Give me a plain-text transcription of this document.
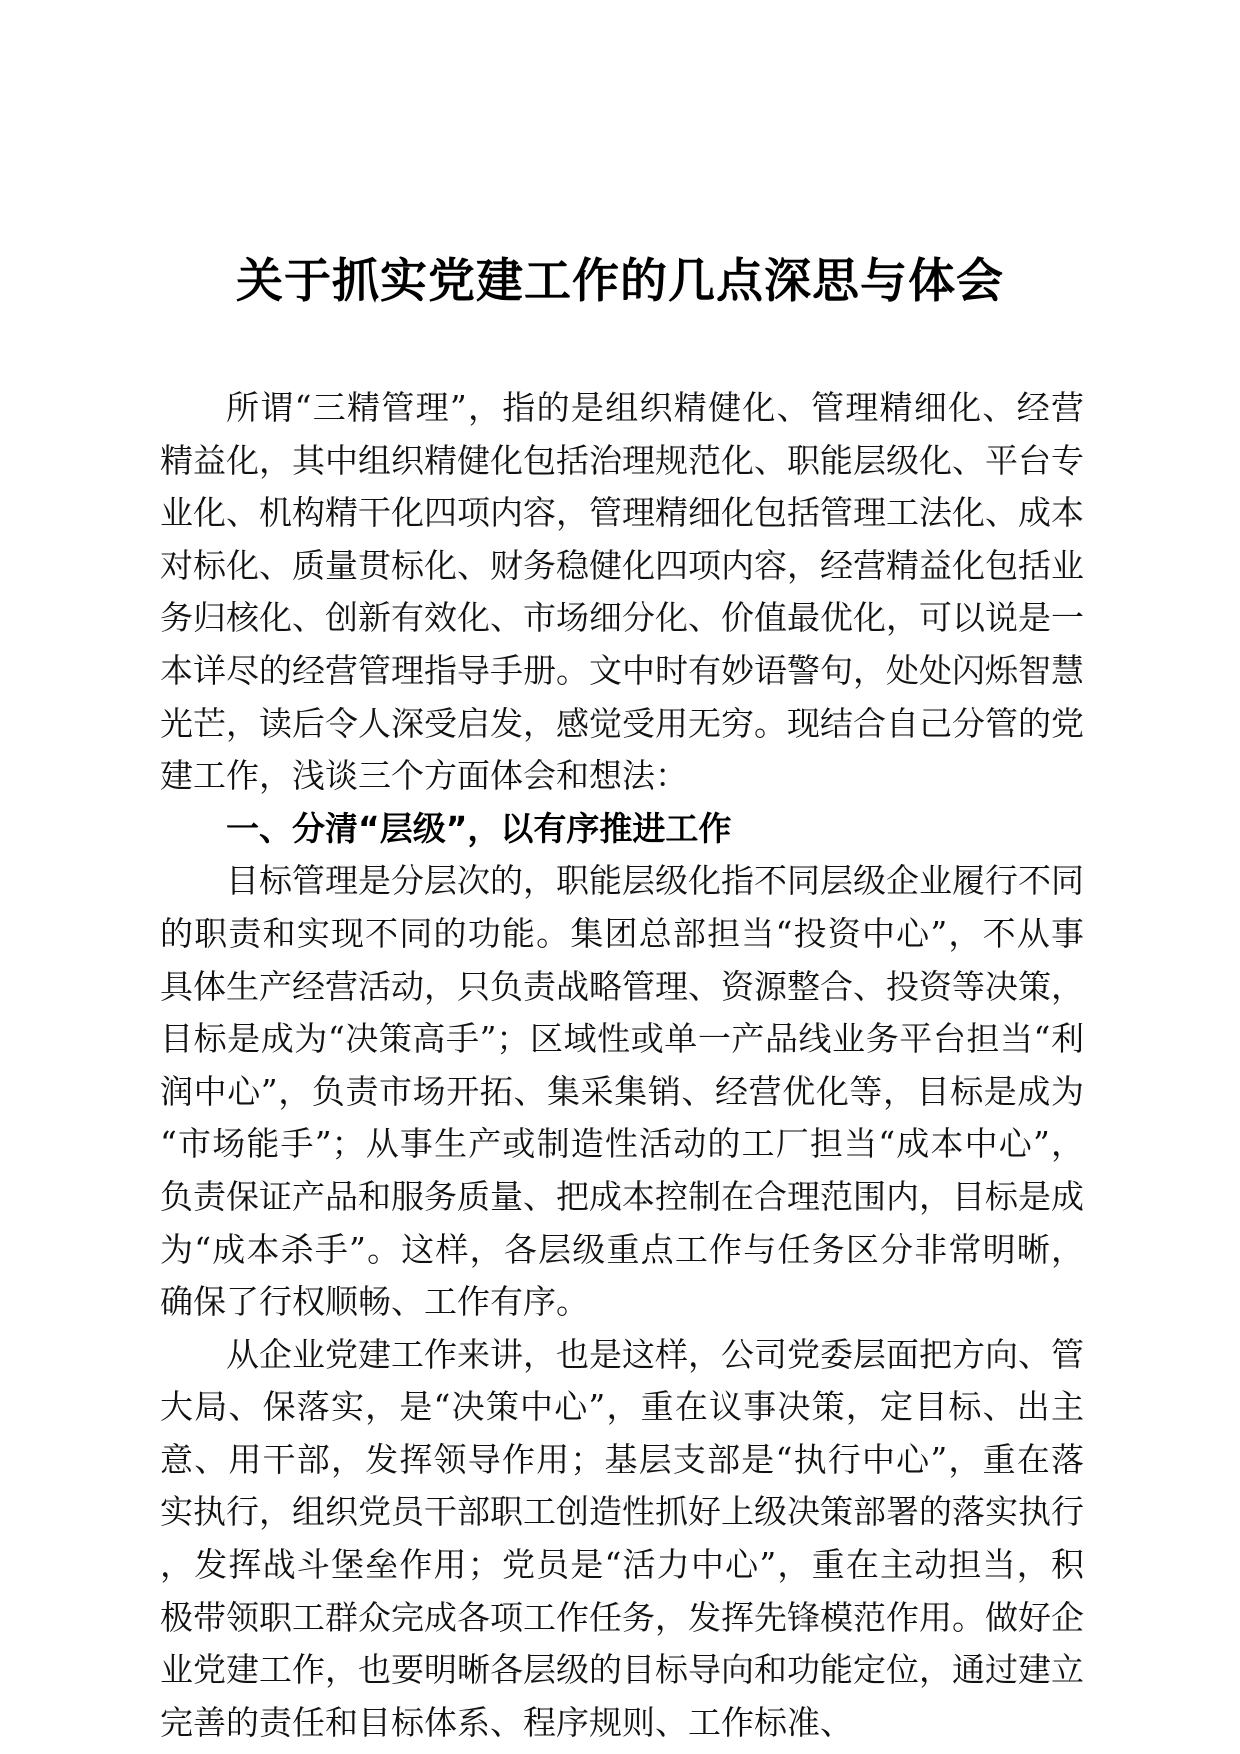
关于抓实党建工作的几点深思与体会

所谓“三精管理”，指的是组织精健化、管理精细化、经营精益化，其中组织精健化包括治理规范化、职能层级化、平台专业化、机构精干化四项内容，管理精细化包括管理工法化、成本对标化、质量贯标化、财务稳健化四项内容，经营精益化包括业务归核化、创新有效化、市场细分化、价值最优化，可以说是一本详尽的经营管理指导手册。文中时有妙语警句，处处闪烁智慧光芒，读后令人深受启发，感觉受用无穷。现结合自己分管的党建工作，浅谈三个方面体会和想法：

一、分清“层级”，以有序推进工作

目标管理是分层次的，职能层级化指不同层级企业履行不同的职责和实现不同的功能。集团总部担当“投资中心”，不从事具体生产经营活动，只负责战略管理、资源整合、投资等决策，目标是成为“决策高手”；区域性或单一产品线业务平台担当“利润中心”，负责市场开拓、集采集销、经营优化等，目标是成为“市场能手”；从事生产或制造性活动的工厂担当“成本中心”，负责保证产品和服务质量、把成本控制在合理范围内，目标是成为“成本杀手”。这样，各层级重点工作与任务区分非常明晰，确保了行权顺畅、工作有序。

从企业党建工作来讲，也是这样，公司党委层面把方向、管大局、保落实，是“决策中心”，重在议事决策，定目标、出主意、用干部，发挥领导作用；基层支部是“执行中心”，重在落实执行，组织党员干部职工创造性抓好上级决策部署的落实执行，发挥战斗堡垒作用；党员是“活力中心”，重在主动担当，积极带领职工群众完成各项工作任务，发挥先锋模范作用。做好企业党建工作，也要明晰各层级的目标导向和功能定位，通过建立完善的责任和目标体系、程序规则、工作标准、
